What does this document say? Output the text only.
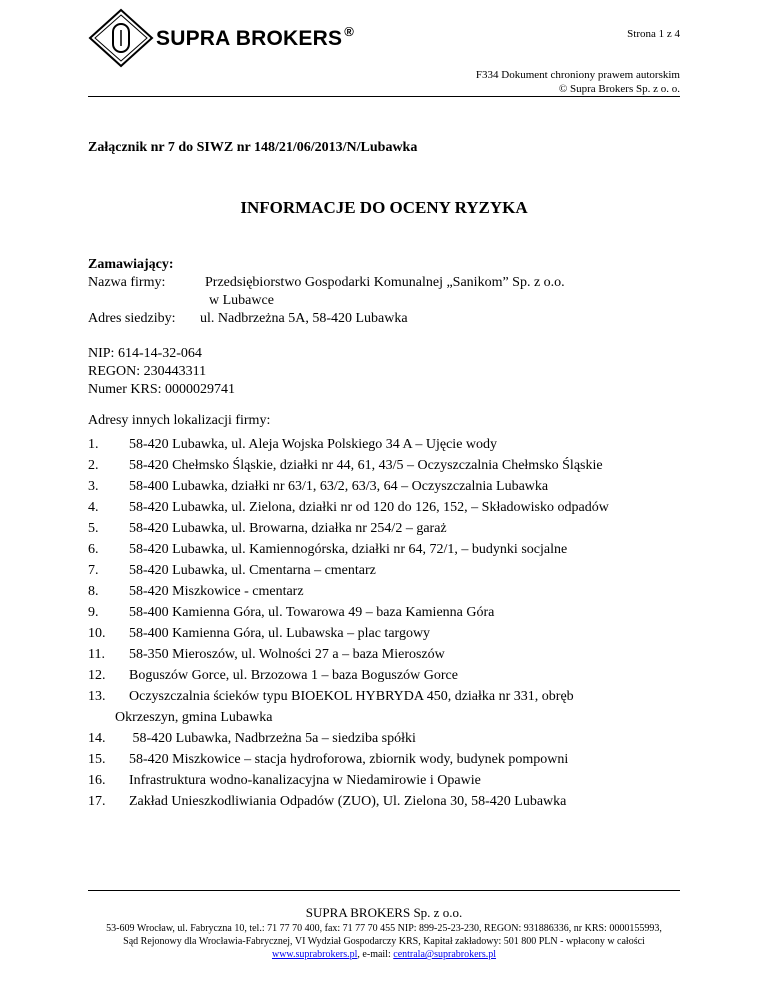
SUPRA BROKERS ®	Strona 1 z 4
F334 Dokument chroniony prawem autorskim
© Supra Brokers Sp. z o. o.
Załącznik nr 7 do SIWZ nr 148/21/06/2013/N/Lubawka
INFORMACJE DO OCENY RYZYKA
Zamawiający:
Nazwa firmy:	Przedsiębiorstwo Gospodarki Komunalnej „Sanikom” Sp. z o.o.
w Lubawce
Adres siedziby: ul. Nadbrzeżna 5A, 58-420 Lubawka
NIP: 614-14-32-064
REGON: 230443311
Numer KRS: 0000029741
Adresy innych lokalizacji firmy:
1. 58-420 Lubawka, ul. Aleja Wojska Polskiego 34 A – Ujęcie wody
2. 58-420 Chełmsko Śląskie, działki nr 44, 61, 43/5 – Oczyszczalnia Chełmsko Śląskie
3. 58-400 Lubawka, działki nr 63/1, 63/2, 63/3, 64 – Oczyszczalnia Lubawka
4. 58-420 Lubawka, ul. Zielona, działki nr od 120 do 126, 152, – Składowisko odpadów
5. 58-420 Lubawka, ul. Browarna, działka nr 254/2 – garaż
6. 58-420 Lubawka, ul. Kamiennogórska, działki nr 64, 72/1, – budynki socjalne
7. 58-420 Lubawka, ul. Cmentarna – cmentarz
8. 58-420 Miszkowice - cmentarz
9. 58-400 Kamienna Góra, ul. Towarowa 49 – baza Kamienna Góra
10. 58-400 Kamienna Góra, ul. Lubawska – plac targowy
11. 58-350 Mieroszów, ul. Wolności 27 a – baza Mieroszów
12. Boguszów Gorce, ul. Brzozowa 1 – baza Boguszów Gorce
13. Oczyszczalnia ścieków typu BIOEKOL HYBRYDA 450, działka nr 331, obręb
Okrzeszyn, gmina Lubawka
14. 58-420 Lubawka, Nadbrzeżna 5a – siedziba spółki
15. 58-420 Miszkowice – stacja hydroforowa, zbiornik wody, budynek pompowni
16. Infrastruktura wodno-kanalizacyjna w Niedamirowie i Opawie
17. Zakład Unieszkodliwiania Odpadów (ZUO), Ul. Zielona 30, 58-420 Lubawka
SUPRA BROKERS Sp. z o.o.
53-609 Wrocław, ul. Fabryczna 10, tel.: 71 77 70 400, fax: 71 77 70 455 NIP: 899-25-23-230, REGON: 931886336, nr KRS: 0000155993,
Sąd Rejonowy dla Wrocławia-Fabrycznej, VI Wydział Gospodarczy KRS, Kapitał zakładowy: 501 800 PLN - wpłacony w całości
www.suprabrokers.pl, e-mail: centrala@suprabrokers.pl
